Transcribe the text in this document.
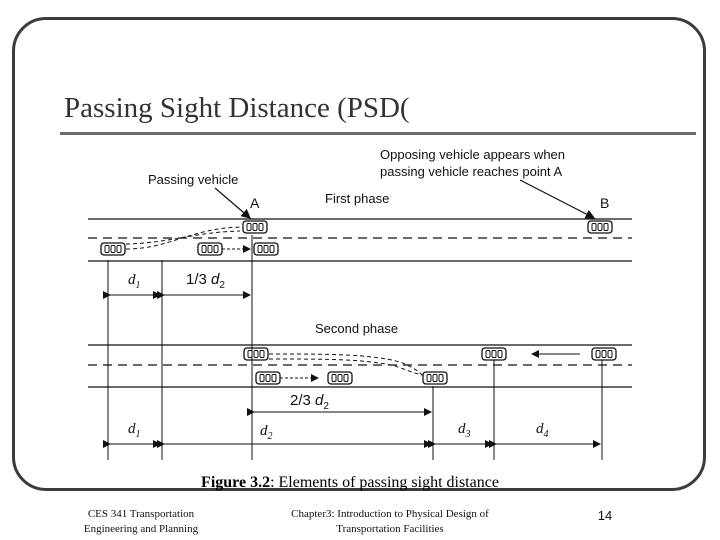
Passing Sight Distance (PSD(
Passing vehicle
Opposing vehicle appears when
passing vehicle reaches point A
A	B
First phase
$d_1$	1/3 $d_2$
Second phase
2/3 $d_2$
$d_1$	$d_2$	$d_3$	$d_4$
Figure 3.2: Elements of passing sight distance
CES 341 Transportation
Engineering and Planning
Chapter3: Introduction to Physical Design of
Transportation Facilities
14
